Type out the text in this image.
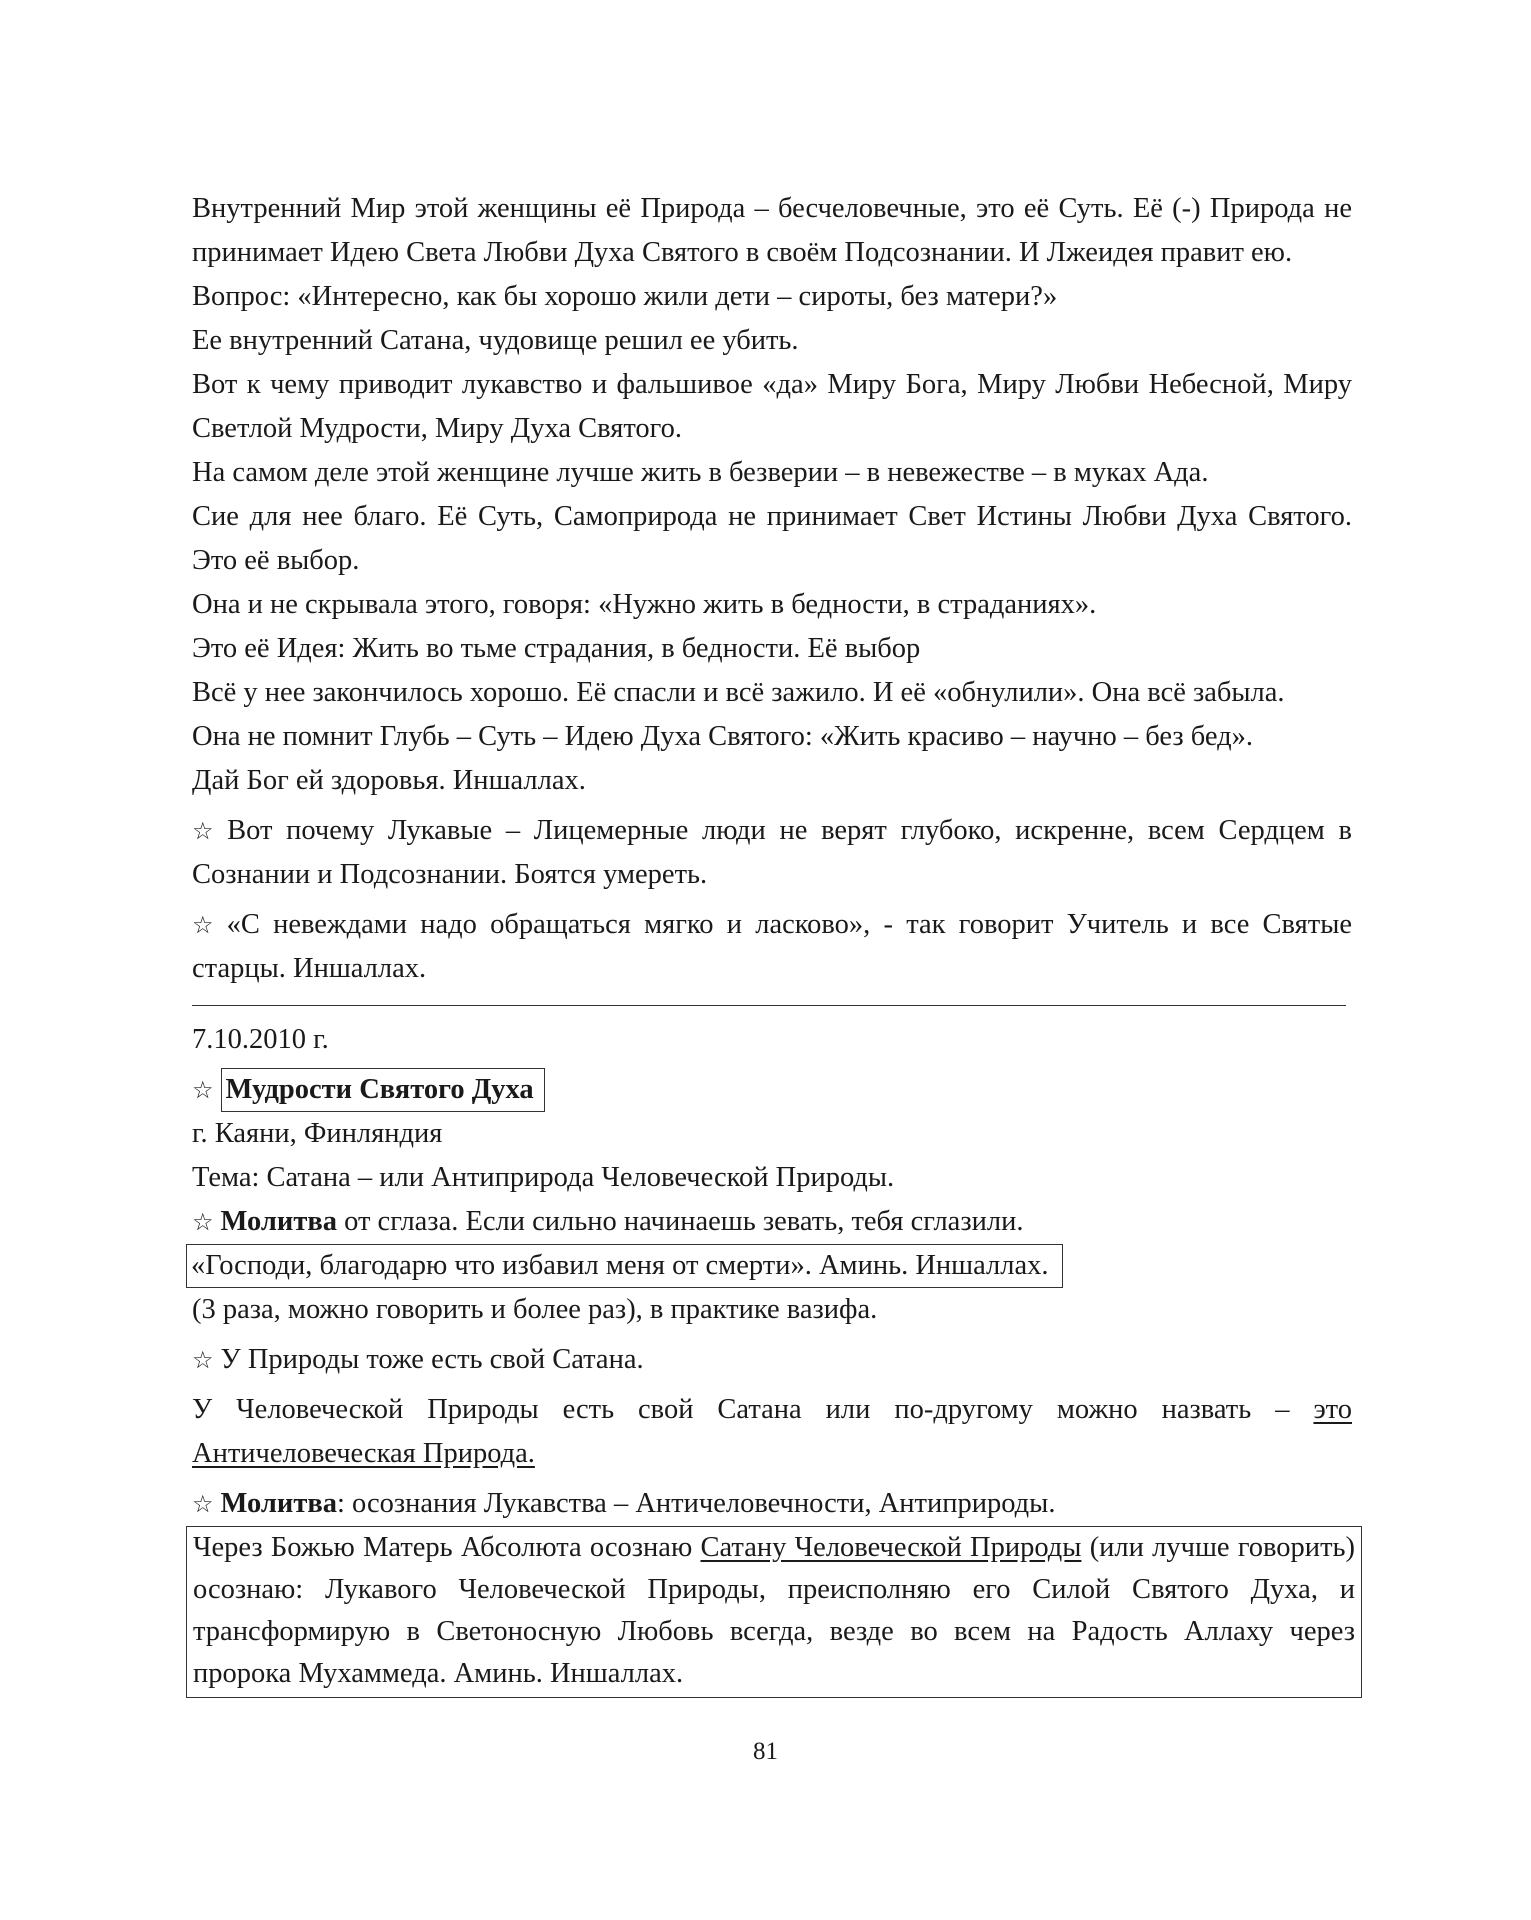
Внутренний Мир этой женщины её Природа – бесчеловечные, это её Суть. Её (-) Природа не принимает Идею Света Любви Духа Святого в своём Подсознании. И Лжеидея правит ею.

Вопрос: «Интересно, как бы хорошо жили дети – сироты, без матери?»

Ее внутренний Сатана, чудовище решил ее убить.

Вот к чему приводит лукавство и фальшивое «да» Миру Бога, Миру Любви Небесной, Миру Светлой Мудрости, Миру Духа Святого.

На самом деле этой женщине лучше жить в безверии – в невежестве – в муках Ада.

Сие для нее благо. Её Суть, Самоприрода не принимает Свет Истины Любви Духа Святого. Это её выбор.

Она и не скрывала этого, говоря: «Нужно жить в бедности, в страданиях».

Это её Идея: Жить во тьме страдания, в бедности. Её выбор

Всё у нее закончилось хорошо. Её спасли и всё зажило. И её «обнулили». Она всё забыла.

Она не помнит Глубь – Суть – Идею Духа Святого: «Жить красиво – научно – без бед».

Дай Бог ей здоровья. Иншаллах.

☆ Вот почему Лукавые – Лицемерные люди не верят глубоко, искренне, всем Сердцем в Сознании и Подсознании. Боятся умереть.

☆ «С невеждами надо обращаться мягко и ласково», - так говорит Учитель и все Святые старцы. Иншаллах.

7.10.2010 г.

☆ Мудрости Святого Духа

г. Каяни, Финляндия

Тема: Сатана – или Антиприрода Человеческой Природы.

☆ Молитва от сглаза. Если сильно начинаешь зевать, тебя сглазили.

«Господи, благодарю что избавил меня от смерти». Аминь. Иншаллах.

(3 раза, можно говорить и более раз), в практике вазифа.

☆ У Природы тоже есть свой Сатана.

У Человеческой Природы есть свой Сатана или по-другому можно назвать – это Античеловеческая Природа.

☆ Молитва: осознания Лукавства – Античеловечности, Антиприроды.

Через Божью Матерь Абсолюта осознаю Сатану Человеческой Природы (или лучше говорить) осознаю: Лукавого Человеческой Природы, преисполняю его Силой Святого Духа, и трансформирую в Светоносную Любовь всегда, везде во всем на Радость Аллаху через пророка Мухаммеда. Аминь. Иншаллах.
81
